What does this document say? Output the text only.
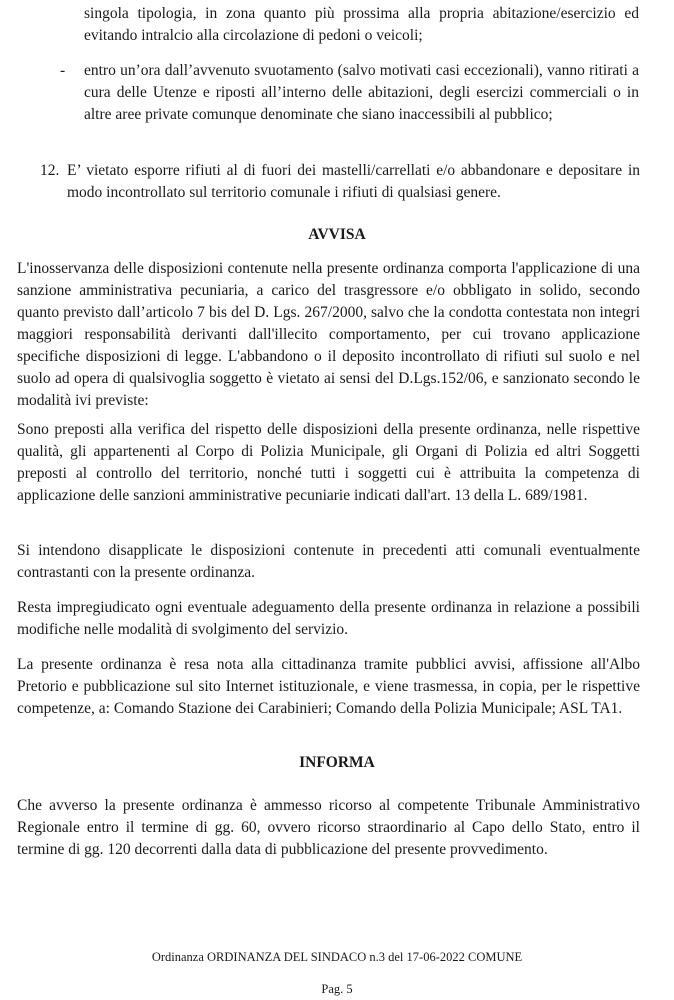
singola tipologia, in zona quanto più prossima alla propria abitazione/esercizio ed evitando intralcio alla circolazione di pedoni o veicoli;
- entro un’ora dall’avvenuto svuotamento (salvo motivati casi eccezionali), vanno ritirati a cura delle Utenze e riposti all’interno delle abitazioni, degli esercizi commerciali o in altre aree private comunque denominate che siano inaccessibili al pubblico;
12. E’ vietato esporre rifiuti al di fuori dei mastelli/carrellati e/o abbandonare e depositare in modo incontrollato sul territorio comunale i rifiuti di qualsiasi genere.
AVVISA

L'inosservanza delle disposizioni contenute nella presente ordinanza comporta l'applicazione di una sanzione amministrativa pecuniaria, a carico del trasgressore e/o obbligato in solido, secondo quanto previsto dall’articolo 7 bis del D. Lgs. 267/2000, salvo che la condotta contestata non integri maggiori responsabilità derivanti dall'illecito comportamento, per cui trovano applicazione specifiche disposizioni di legge. L'abbandono o il deposito incontrollato di rifiuti sul suolo e nel suolo ad opera di qualsivoglia soggetto è vietato ai sensi del D.Lgs.152/06, e sanzionato secondo le modalità ivi previste:

Sono preposti alla verifica del rispetto delle disposizioni della presente ordinanza, nelle rispettive qualità, gli appartenenti al Corpo di Polizia Municipale, gli Organi di Polizia ed altri Soggetti preposti al controllo del territorio, nonché tutti i soggetti cui è attribuita la competenza di applicazione delle sanzioni amministrative pecuniarie indicati dall'art. 13 della L. 689/1981.

Si intendono disapplicate le disposizioni contenute in precedenti atti comunali eventualmente contrastanti con la presente ordinanza.

Resta impregiudicato ogni eventuale adeguamento della presente ordinanza in relazione a possibili modifiche nelle modalità di svolgimento del servizio.

La presente ordinanza è resa nota alla cittadinanza tramite pubblici avvisi, affissione all'Albo Pretorio e pubblicazione sul sito Internet istituzionale, e viene trasmessa, in copia, per le rispettive competenze, a: Comando Stazione dei Carabinieri; Comando della Polizia Municipale; ASL TA1.

INFORMA

Che avverso la presente ordinanza è ammesso ricorso al competente Tribunale Amministrativo Regionale entro il termine di gg. 60, ovvero ricorso straordinario al Capo dello Stato, entro il termine di gg. 120 decorrenti dalla data di pubblicazione del presente provvedimento.

Ordinanza ORDINANZA DEL SINDACO n.3 del 17-06-2022 COMUNE
Pag. 5
